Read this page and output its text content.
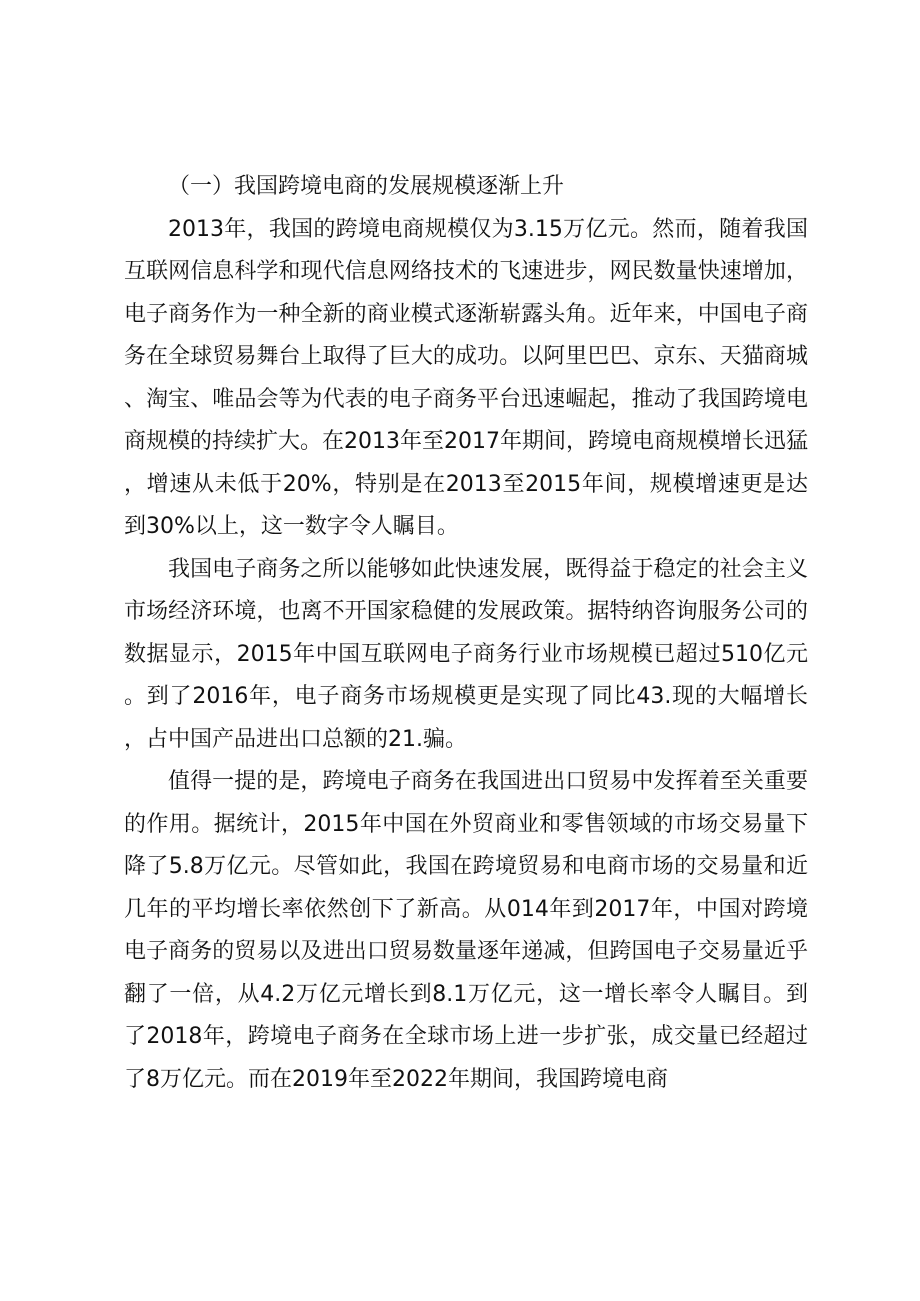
（一）我国跨境电商的发展规模逐渐上升

2013年，我国的跨境电商规模仅为3.15万亿元。然而，随着我国互联网信息科学和现代信息网络技术的飞速进步，网民数量快速增加，电子商务作为一种全新的商业模式逐渐崭露头角。近年来，中国电子商务在全球贸易舞台上取得了巨大的成功。以阿里巴巴、京东、天猫商城、淘宝、唯品会等为代表的电子商务平台迅速崛起，推动了我国跨境电商规模的持续扩大。在2013年至2017年期间，跨境电商规模增长迅猛，增速从未低于20%，特别是在2013至2015年间，规模增速更是达到30%以上，这一数字令人瞩目。

我国电子商务之所以能够如此快速发展，既得益于稳定的社会主义市场经济环境，也离不开国家稳健的发展政策。据特纳咨询服务公司的数据显示，2015年中国互联网电子商务行业市场规模已超过510亿元。到了2016年，电子商务市场规模更是实现了同比43.现的大幅增长，占中国产品进出口总额的21.骗。

值得一提的是，跨境电子商务在我国进出口贸易中发挥着至关重要的作用。据统计，2015年中国在外贸商业和零售领域的市场交易量下降了5.8万亿元。尽管如此，我国在跨境贸易和电商市场的交易量和近几年的平均增长率依然创下了新高。从014年到2017年，中国对跨境电子商务的贸易以及进出口贸易数量逐年递减，但跨国电子交易量近乎翻了一倍，从4.2万亿元增长到8.1万亿元，这一增长率令人瞩目。到了2018年，跨境电子商务在全球市场上进一步扩张，成交量已经超过了8万亿元。而在2019年至2022年期间，我国跨境电商
